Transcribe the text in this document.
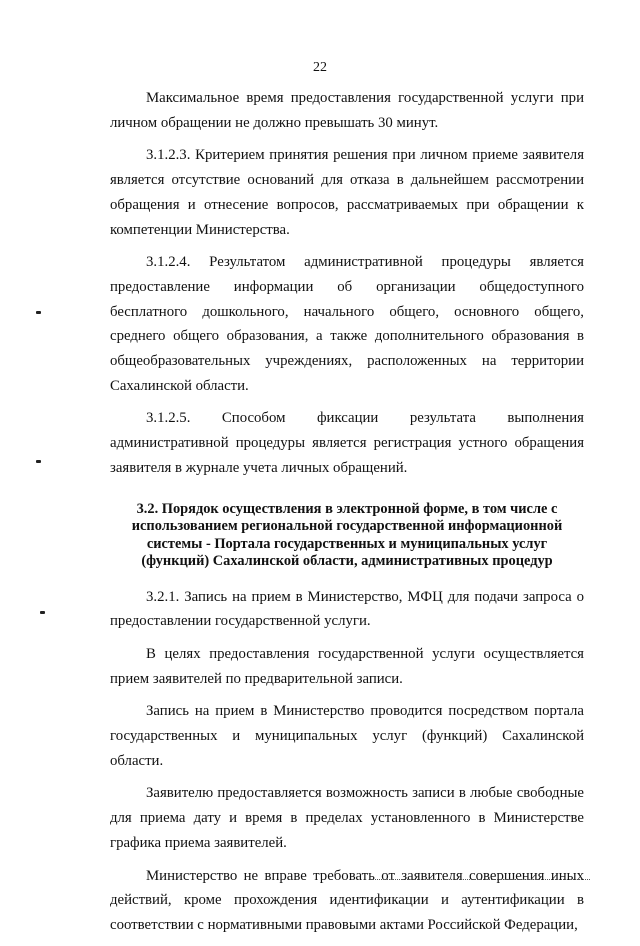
22

Максимальное время предоставления государственной услуги при личном обращении не должно превышать 30 минут.

3.1.2.3. Критерием принятия решения при личном приеме заявителя является отсутствие оснований для отказа в дальнейшем рассмотрении обращения и отнесение вопросов, рассматриваемых при обращении к компетенции Министерства.

3.1.2.4. Результатом административной процедуры является предоставление информации об организации общедоступного бесплатного дошкольного, начального общего, основного общего, среднего общего образования, а также дополнительного образования в общеобразовательных учреждениях, расположенных на территории Сахалинской области.

3.1.2.5. Способом фиксации результата выполнения административной процедуры является регистрация устного обращения заявителя в журнале учета личных обращений.

3.2. Порядок осуществления в электронной форме, в том числе с использованием региональной государственной информационной системы - Портала государственных и муниципальных услуг (функций) Сахалинской области, административных процедур

3.2.1. Запись на прием в Министерство, МФЦ для подачи запроса о предоставлении государственной услуги.

В целях предоставления государственной услуги осуществляется прием заявителей по предварительной записи.

Запись на прием в Министерство проводится посредством портала государственных и муниципальных услуг (функций) Сахалинской области.

Заявителю предоставляется возможность записи в любые свободные для приема дату и время в пределах установленного в Министерстве графика приема заявителей.

Министерство не вправе требовать от заявителя совершения иных действий, кроме прохождения идентификации и аутентификации в соответствии с нормативными правовыми актами Российской Федерации,
